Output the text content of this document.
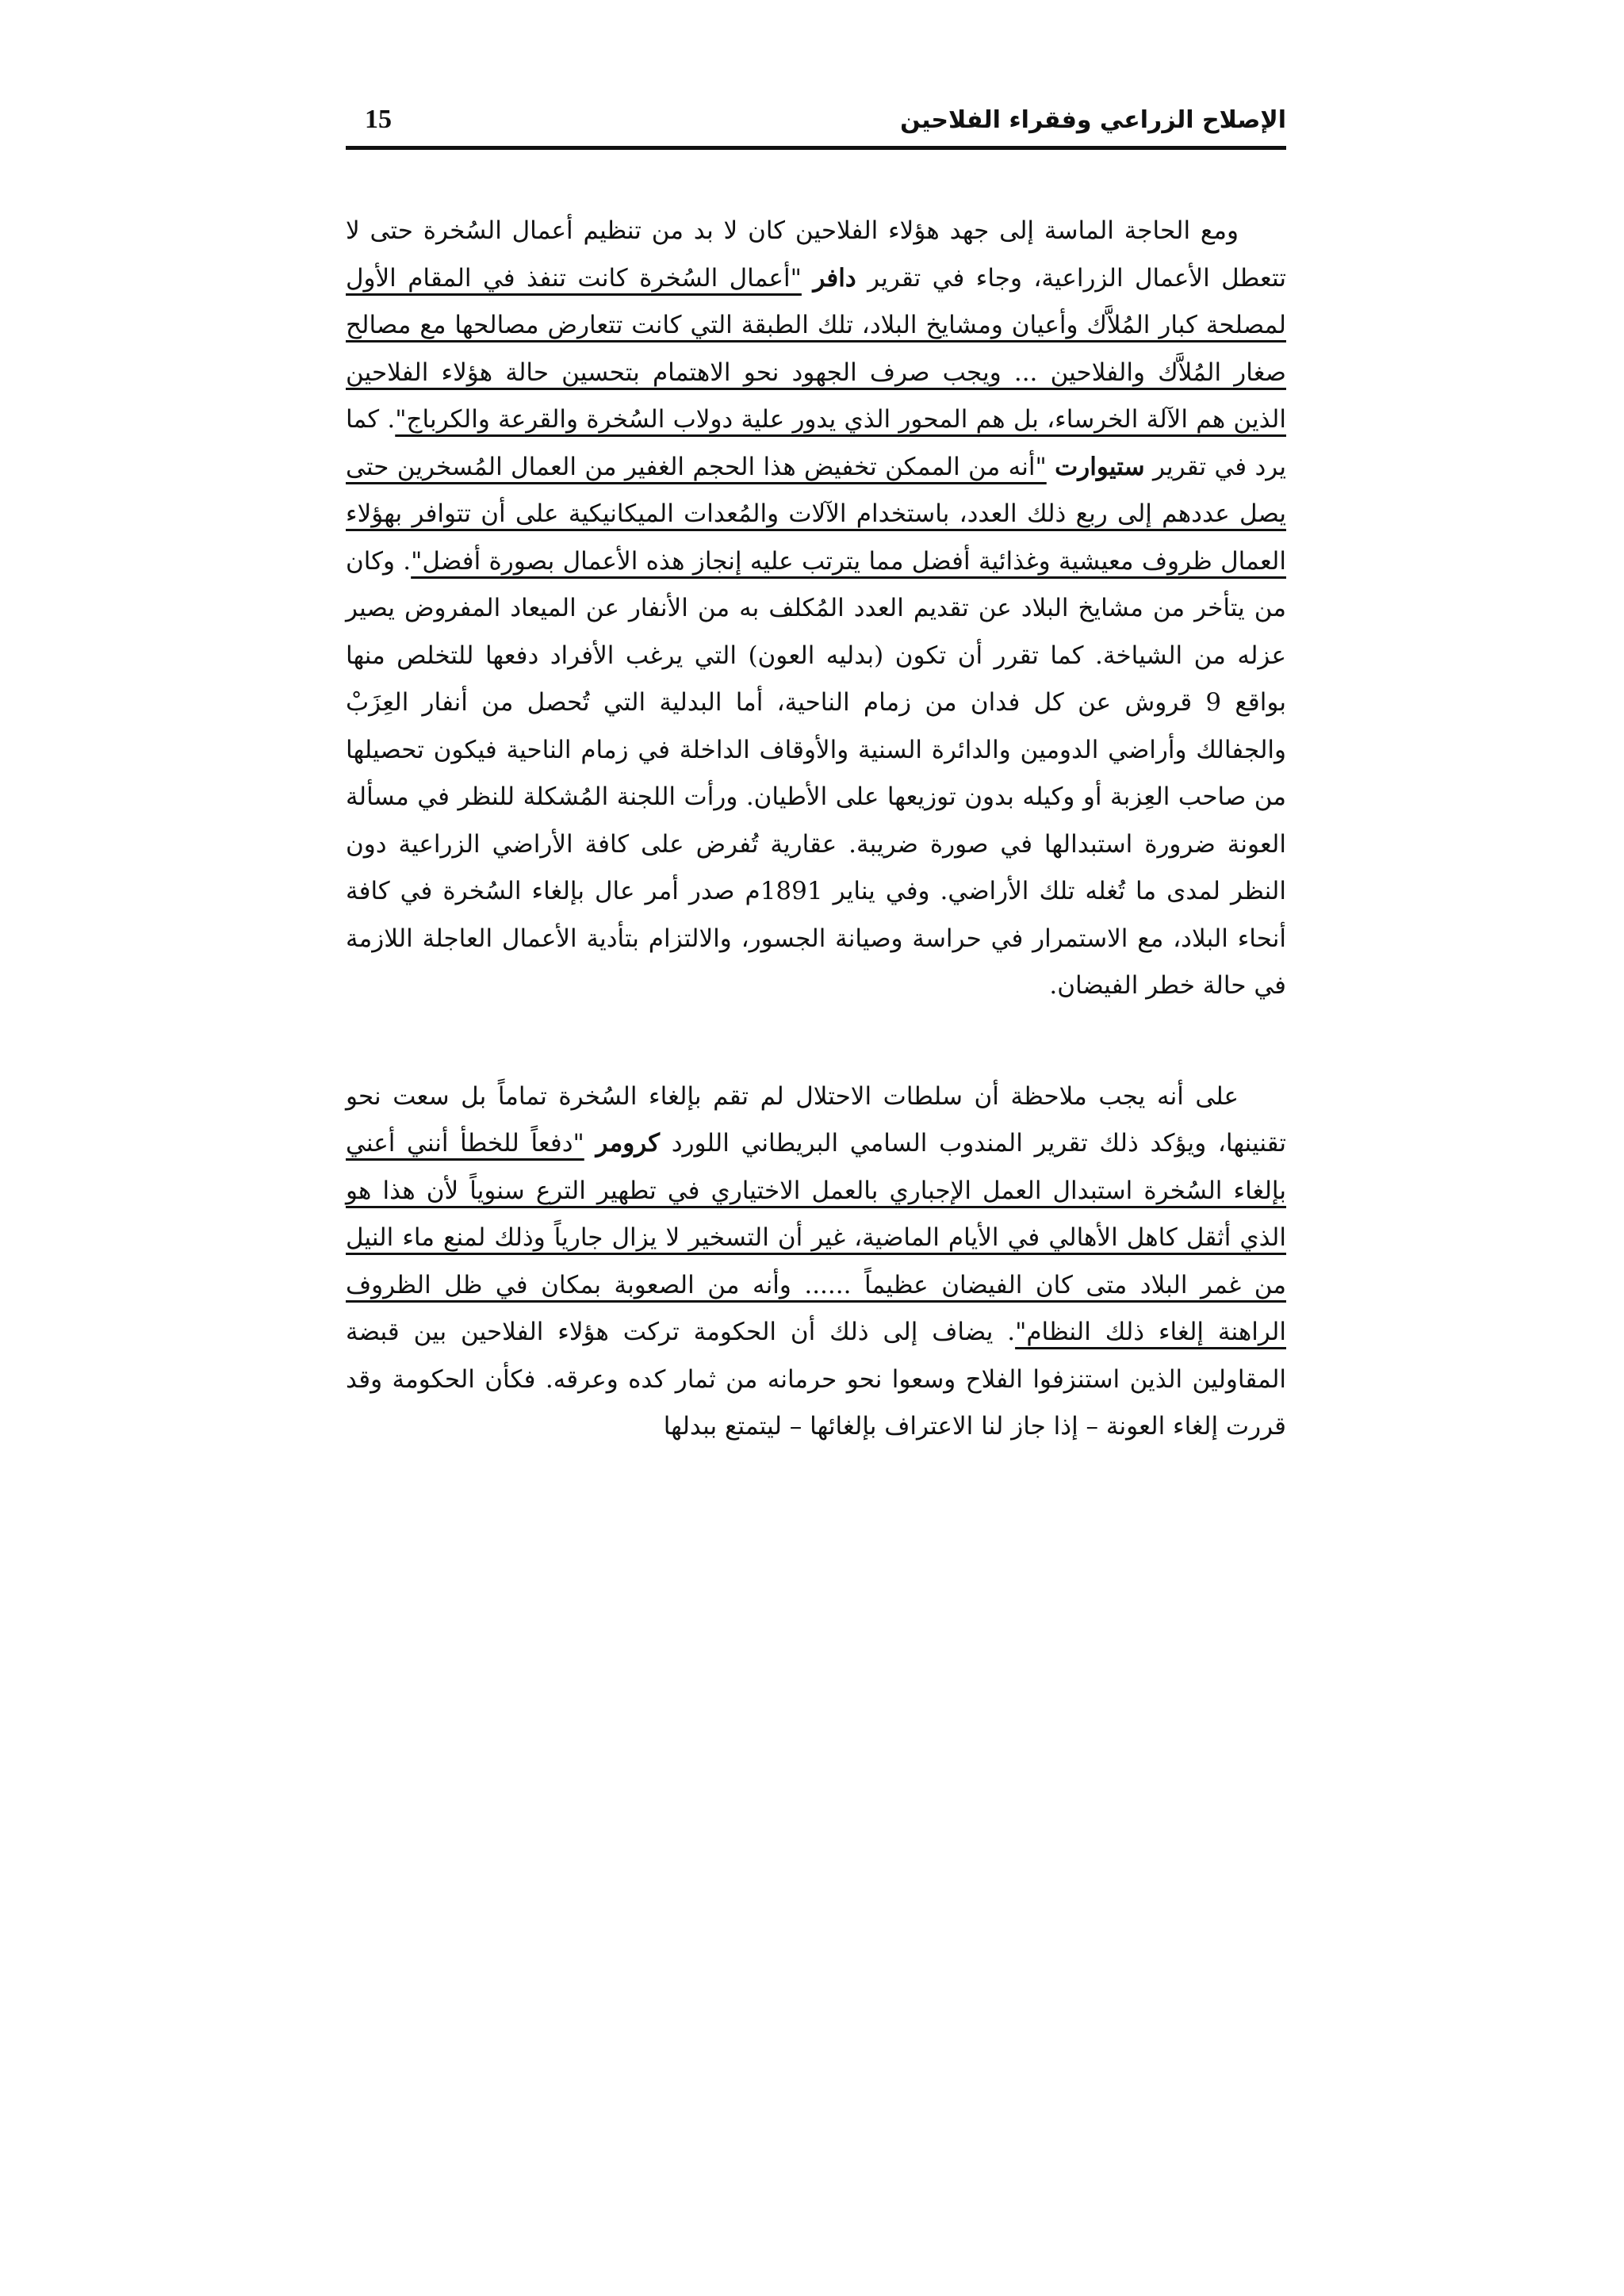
الإصلاح الزراعي وفقراء الفلاحين
15

ومع الحاجة الماسة إلى جهد هؤلاء الفلاحين كان لا بد من تنظيم أعمال السُخرة حتى لا تتعطل الأعمال الزراعية، وجاء في تقرير دافر "أعمال السُخرة كانت تنفذ في المقام الأول لمصلحة كبار المُلاَّك وأعيان ومشايخ البلاد، تلك الطبقة التي كانت تتعارض مصالحها مع مصالح صغار المُلاَّك والفلاحين ... ويجب صرف الجهود نحو الاهتمام بتحسين حالة هؤلاء الفلاحين الذين هم الآلة الخرساء، بل هم المحور الذي يدور علية دولاب السُخرة والقرعة والكرباج". كما يرد في تقرير ستيوارت "أنه من الممكن تخفيض هذا الحجم الغفير من العمال المُسخرين حتى يصل عددهم إلى ربع ذلك العدد، باستخدام الآلات والمُعدات الميكانيكية على أن تتوافر بهؤلاء العمال ظروف معيشية وغذائية أفضل مما يترتب عليه إنجاز هذه الأعمال بصورة أفضل". وكان من يتأخر من مشايخ البلاد عن تقديم العدد المُكلف به من الأنفار عن الميعاد المفروض يصير عزله من الشياخة. كما تقرر أن تكون (بدليه العون) التي يرغب الأفراد دفعها للتخلص منها بواقع 9 قروش عن كل فدان من زمام الناحية، أما البدلية التي تُحصل من أنفار العِزَبْ والجفالك وأراضي الدومين والدائرة السنية والأوقاف الداخلة في زمام الناحية فيكون تحصيلها من صاحب العِزبة أو وكيله بدون توزيعها على الأطيان. ورأت اللجنة المُشكلة للنظر في مسألة العونة ضرورة استبدالها في صورة ضريبة. عقارية تُفرض على كافة الأراضي الزراعية دون النظر لمدى ما تُغله تلك الأراضي. وفي يناير 1891م صدر أمر عال بإلغاء السُخرة في كافة أنحاء البلاد، مع الاستمرار في حراسة وصيانة الجسور، والالتزام بتأدية الأعمال العاجلة اللازمة في حالة خطر الفيضان.

على أنه يجب ملاحظة أن سلطات الاحتلال لم تقم بإلغاء السُخرة تماماً بل سعت نحو تقنينها، ويؤكد ذلك تقرير المندوب السامي البريطاني اللورد كرومر "دفعاً للخطأ أنني أعني بإلغاء السُخرة استبدال العمل الإجباري بالعمل الاختياري في تطهير الترع سنوياً لأن هذا هو الذي أثقل كاهل الأهالي في الأيام الماضية، غير أن التسخير لا يزال جارياً وذلك لمنع ماء النيل من غمر البلاد متى كان الفيضان عظيماً ...... وأنه من الصعوبة بمكان في ظل الظروف الراهنة إلغاء ذلك النظام". يضاف إلى ذلك أن الحكومة تركت هؤلاء الفلاحين بين قبضة المقاولين الذين استنزفوا الفلاح وسعوا نحو حرمانه من ثمار كده وعرقه. فكأن الحكومة وقد قررت إلغاء العونة – إذا جاز لنا الاعتراف بإلغائها – ليتمتع ببدلها
